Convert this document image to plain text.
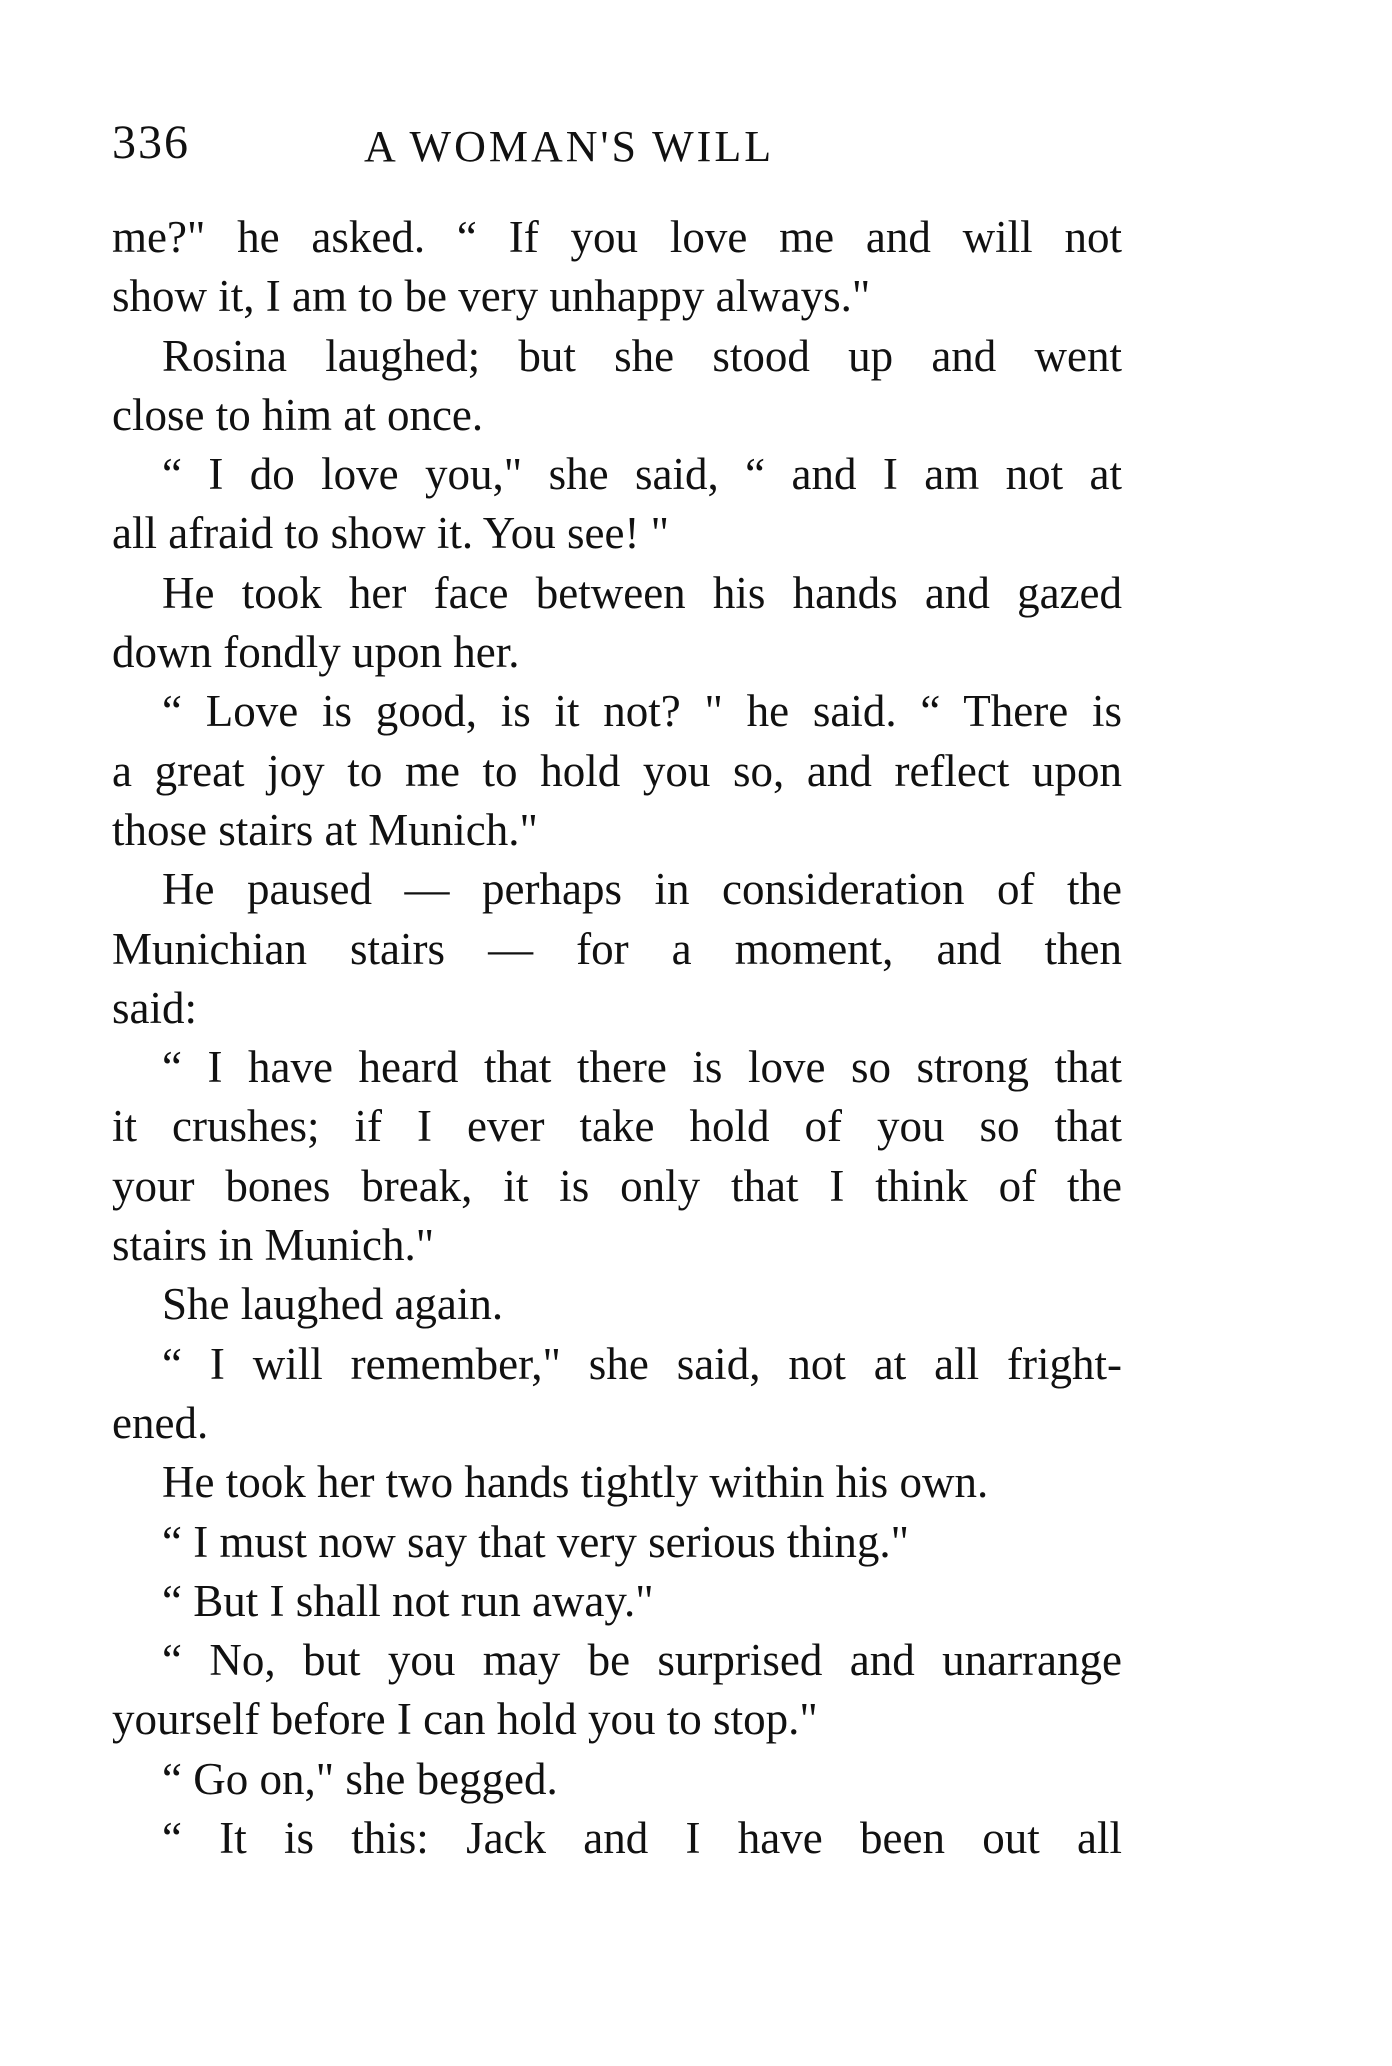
336	A WOMAN'S WILL
me?" he asked. “ If you love me and will not
show it, I am to be very unhappy always."
Rosina laughed; but she stood up and went
close to him at once.
“ I do love you," she said, “ and I am not at
all afraid to show it. You see! "
He took her face between his hands and gazed
down fondly upon her.
“ Love is good, is it not? " he said. “ There is
a great joy to me to hold you so, and reflect upon
those stairs at Munich."
He paused — perhaps in consideration of the
Munichian stairs — for a moment, and then
said:
“ I have heard that there is love so strong that
it crushes; if I ever take hold of you so that
your bones break, it is only that I think of the
stairs in Munich."
She laughed again.
“ I will remember," she said, not at all fright-
ened.
He took her two hands tightly within his own.
“ I must now say that very serious thing."
“ But I shall not run away."
“ No, but you may be surprised and unarrange
yourself before I can hold you to stop."
“ Go on," she begged.
“ It is this: Jack and I have been out all
